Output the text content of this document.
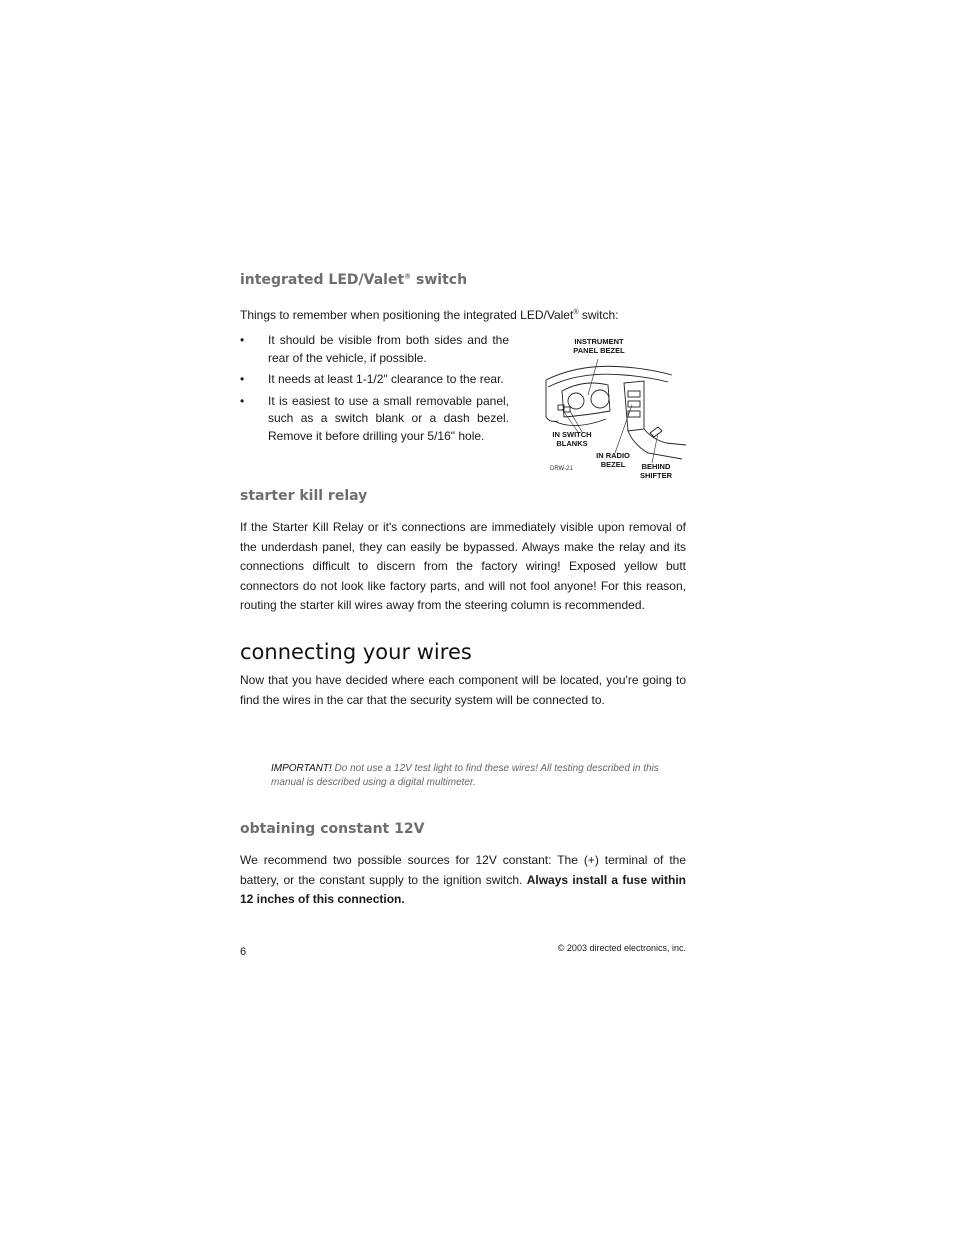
integrated LED/Valet® switch
Things to remember when positioning the integrated LED/Valet® switch:
• It should be visible from both sides and the rear of the vehicle, if possible.
• It needs at least 1-1/2" clearance to the rear.
• It is easiest to use a small removable panel, such as a switch blank or a dash bezel. Remove it before drilling your 5/16" hole.
INSTRUMENT PANEL BEZEL
IN SWITCH BLANKS
IN RADIO BEZEL	BEHIND SHIFTER
DRW-21
starter kill relay
If the Starter Kill Relay or it's connections are immediately visible upon removal of the underdash panel, they can easily be bypassed. Always make the relay and its connections difficult to discern from the factory wiring! Exposed yellow butt connectors do not look like factory parts, and will not fool anyone! For this reason, routing the starter kill wires away from the steering column is recommended.
connecting your wires
Now that you have decided where each component will be located, you're going to find the wires in the car that the security system will be connected to.
IMPORTANT! Do not use a 12V test light to find these wires! All testing described in this manual is described using a digital multimeter.
obtaining constant 12V
We recommend two possible sources for 12V constant: The (+) terminal of the battery, or the constant supply to the ignition switch. Always install a fuse within 12 inches of this connection.
6	© 2003 directed electronics, inc.
